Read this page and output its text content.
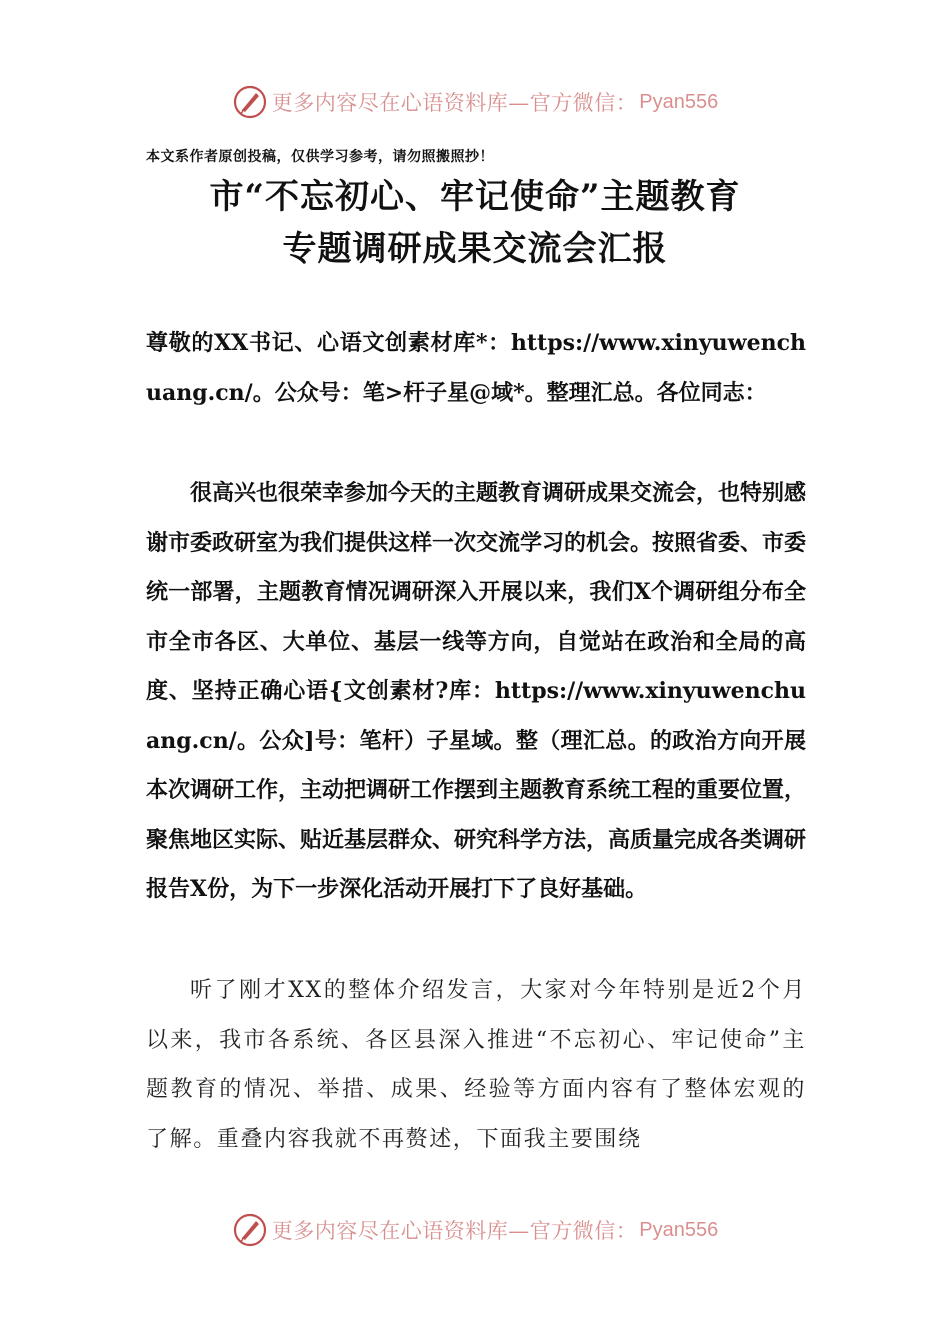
更多内容尽在心语资料库—官方微信： Pyan556
本文系作者原创投稿，仅供学习参考，请勿照搬照抄！
市“不忘初心、牢记使命”主题教育
专题调研成果交流会汇报
尊敬的XX书记、心语文创素材库*：https://www.xinyuwenchuang.cn/。公众号：笔>杆子星@域*。整理汇总。各位同志：
很高兴也很荣幸参加今天的主题教育调研成果交流会，也特别感谢市委政研室为我们提供这样一次交流学习的机会。按照省委、市委统一部署，主题教育情况调研深入开展以来，我们X个调研组分布全市全市各区、大单位、基层一线等方向，自觉站在政治和全局的高度、坚持正确心语{文创素材?库：https://www.xinyuwenchuang.cn/。公众]号：笔杆）子星域。整（理汇总。的政治方向开展本次调研工作，主动把调研工作摆到主题教育系统工程的重要位置，聚焦地区实际、贴近基层群众、研究科学方法，高质量完成各类调研报告X份，为下一步深化活动开展打下了良好基础。
听了刚才XX的整体介绍发言，大家对今年特别是近2个月以来，我市各系统、各区县深入推进“不忘初心、牢记使命”主题教育的情况、举措、成果、经验等方面内容有了整体宏观的了解。重叠内容我就不再赘述，下面我主要围绕
更多内容尽在心语资料库—官方微信： Pyan556
